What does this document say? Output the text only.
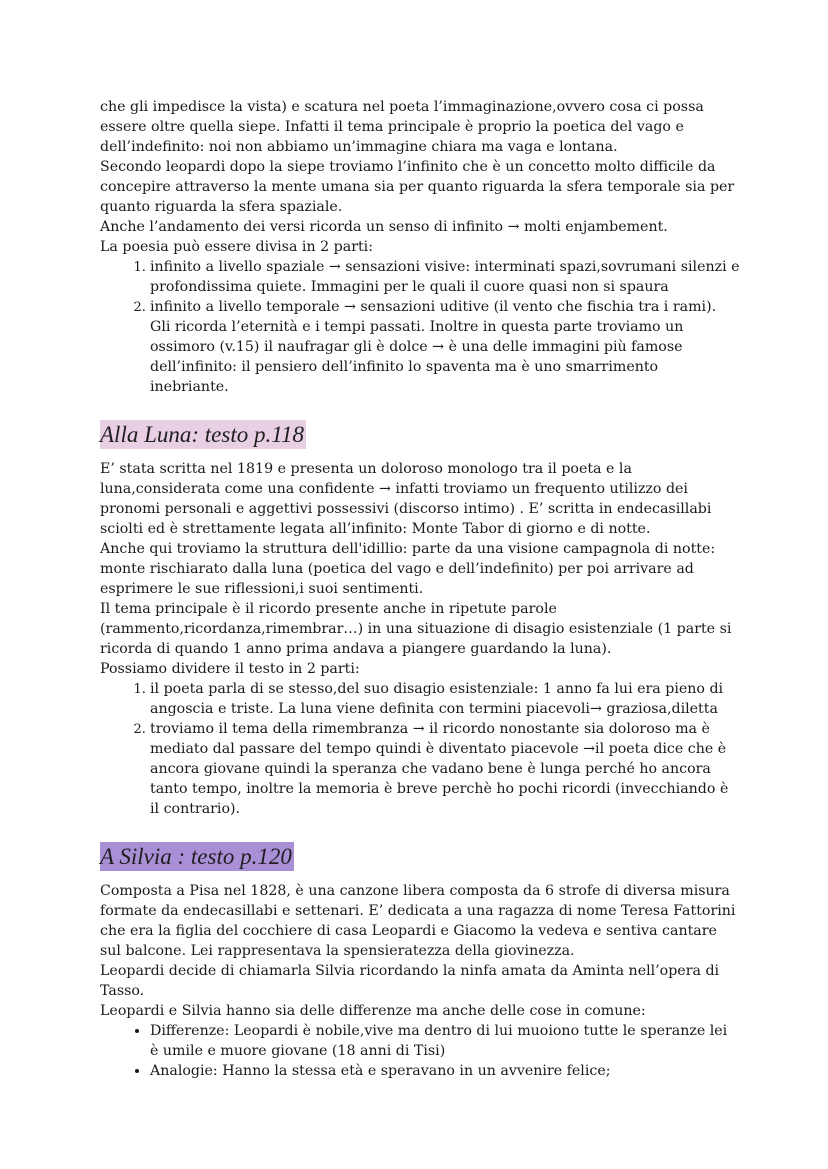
che gli impedisce la vista) e scatura nel poeta l’immaginazione,ovvero cosa ci possa essere oltre quella siepe. Infatti il tema principale è proprio la poetica del vago e dell’indefinito: noi non abbiamo un’immagine chiara ma vaga e lontana.

Secondo leopardi dopo la siepe troviamo l’infinito che è un concetto molto difficile da concepire attraverso la mente umana sia per quanto riguarda la sfera temporale sia per quanto riguarda la sfera spaziale.

Anche l’andamento dei versi ricorda un senso di infinito → molti enjambement.

La poesia può essere divisa in 2 parti:

1. infinito a livello spaziale → sensazioni visive: interminati spazi,sovrumani silenzi e profondissima quiete. Immagini per le quali il cuore quasi non si spaura
2. infinito a livello temporale → sensazioni uditive (il vento che fischia tra i rami). Gli ricorda l’eternità e i tempi passati. Inoltre in questa parte troviamo un ossimoro (v.15) il naufragar gli è dolce → è una delle immagini più famose dell’infinito: il pensiero dell’infinito lo spaventa ma è uno smarrimento inebriante.
Alla Luna: testo p.118

E’ stata scritta nel 1819 e presenta un doloroso monologo tra il poeta e la luna,considerata come una confidente → infatti troviamo un frequento utilizzo dei pronomi personali e aggettivi possessivi (discorso intimo) . E’ scritta in endecasillabi sciolti ed è strettamente legata all’infinito: Monte Tabor di giorno e di notte.

Anche qui troviamo la struttura dell'idillio: parte da una visione campagnola di notte: monte rischiarato dalla luna (poetica del vago e dell’indefinito) per poi arrivare ad esprimere le sue riflessioni,i suoi sentimenti.

Il tema principale è il ricordo presente anche in ripetute parole (rammento,ricordanza,rimembrar…) in una situazione di disagio esistenziale (1 parte si ricorda di quando 1 anno prima andava a piangere guardando la luna).

Possiamo dividere il testo in 2 parti:

1. il poeta parla di se stesso,del suo disagio esistenziale: 1 anno fa lui era pieno di angoscia e triste. La luna viene definita con termini piacevoli→ graziosa,diletta
2. troviamo il tema della rimembranza → il ricordo nonostante sia doloroso ma è mediato dal passare del tempo quindi è diventato piacevole →il poeta dice che è ancora giovane quindi la speranza che vadano bene è lunga perché ho ancora tanto tempo, inoltre la memoria è breve perchè ho pochi ricordi (invecchiando è il contrario).
A Silvia : testo p.120

Composta a Pisa nel 1828, è una canzone libera composta da 6 strofe di diversa misura formate da endecasillabi e settenari. E’ dedicata a una ragazza di nome Teresa Fattorini che era la figlia del cocchiere di casa Leopardi e Giacomo la vedeva e sentiva cantare sul balcone. Lei rappresentava la spensieratezza della giovinezza.

Leopardi decide di chiamarla Silvia ricordando la ninfa amata da Aminta nell’opera di Tasso.

Leopardi e Silvia hanno sia delle differenze ma anche delle cose in comune:

• Differenze: Leopardi è nobile,vive ma dentro di lui muoiono tutte le speranze lei è umile e muore giovane (18 anni di Tisi)
• Analogie: Hanno la stessa età e speravano in un avvenire felice;
